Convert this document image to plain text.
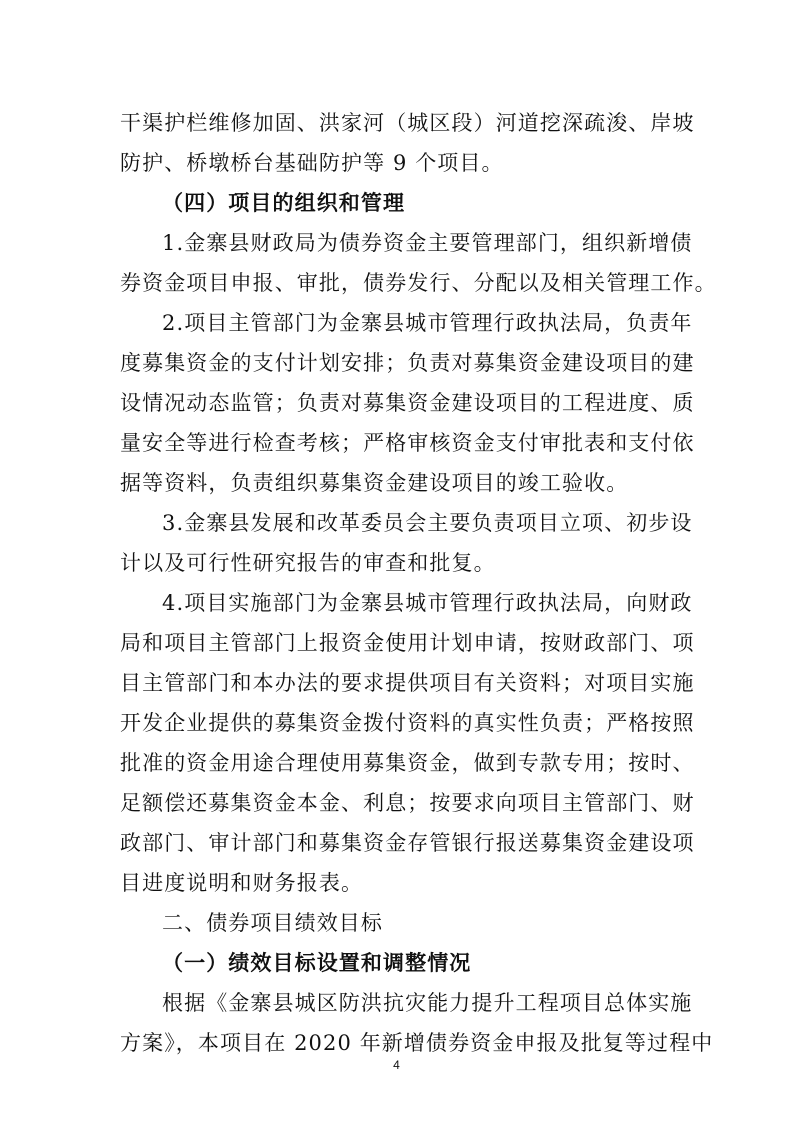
干渠护栏维修加固、洪家河（城区段）河道挖深疏浚、岸坡
防护、桥墩桥台基础防护等 9 个项目。
（四）项目的组织和管理
1.金寨县财政局为债券资金主要管理部门，组织新增债
券资金项目申报、审批，债券发行、分配以及相关管理工作。
2.项目主管部门为金寨县城市管理行政执法局，负责年
度募集资金的支付计划安排；负责对募集资金建设项目的建
设情况动态监管；负责对募集资金建设项目的工程进度、质
量安全等进行检查考核；严格审核资金支付审批表和支付依
据等资料，负责组织募集资金建设项目的竣工验收。
3.金寨县发展和改革委员会主要负责项目立项、初步设
计以及可行性研究报告的审查和批复。
4.项目实施部门为金寨县城市管理行政执法局，向财政
局和项目主管部门上报资金使用计划申请，按财政部门、项
目主管部门和本办法的要求提供项目有关资料；对项目实施
开发企业提供的募集资金拨付资料的真实性负责；严格按照
批准的资金用途合理使用募集资金，做到专款专用；按时、
足额偿还募集资金本金、利息；按要求向项目主管部门、财
政部门、审计部门和募集资金存管银行报送募集资金建设项
目进度说明和财务报表。
二、债券项目绩效目标
（一）绩效目标设置和调整情况
根据《金寨县城区防洪抗灾能力提升工程项目总体实施
方案》，本项目在 2020 年新增债券资金申报及批复等过程中
4
